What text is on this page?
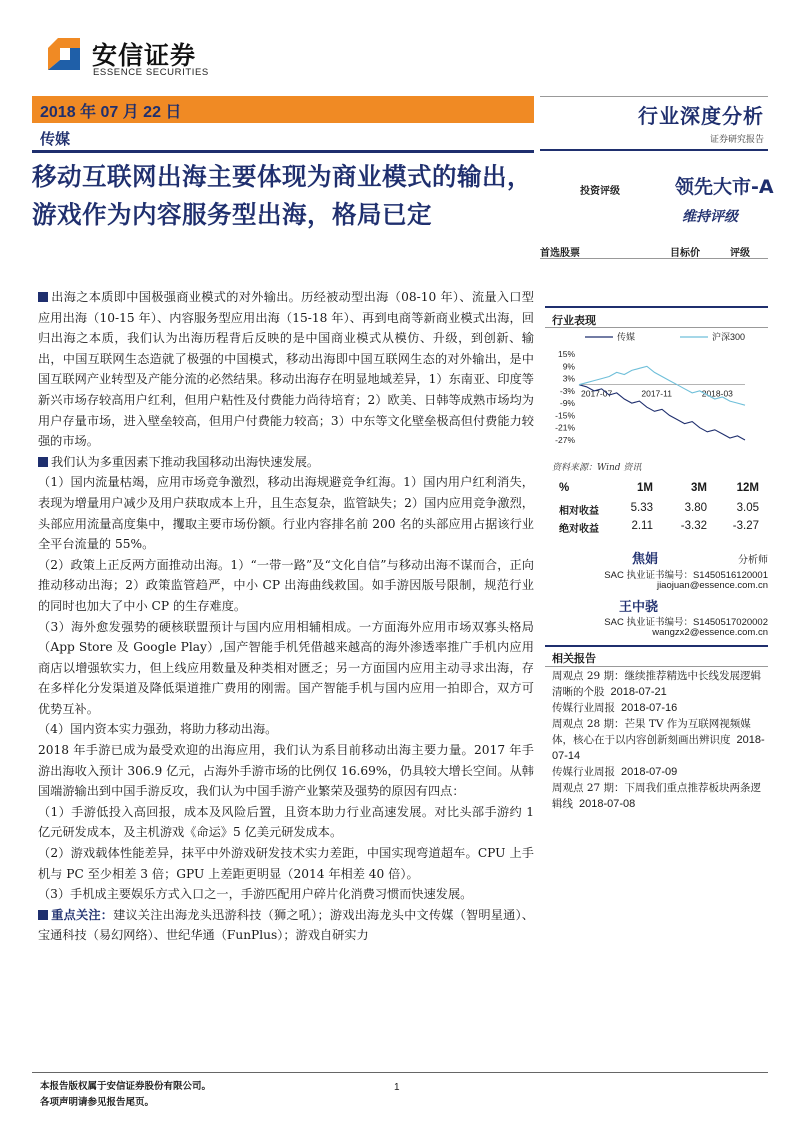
安信证券
ESSENCE SECURITIES
2018 年 07 月 22 日
传媒
行业深度分析
证券研究报告
移动互联网出海主要体现为商业模式的输出，游戏作为内容服务型出海，格局已定
投资评级	领先大市-A
维持评级
首选股票	目标价	评级
行业表现
传媒	沪深300
15%
9%
3%
-3%
-9%
-15%
-21%
-27%
2017-07	2017-11	2018-03
资料来源：Wind 资讯
%	1M	3M	12M
相对收益	5.33	3.80	3.05
绝对收益	2.11	-3.32	-3.27
焦娟	分析师
SAC 执业证书编号：S1450516120001
jiaojuan@essence.com.cn
王中骁
SAC 执业证书编号：S1450517020002
wangzx2@essence.com.cn
相关报告
周观点 29 期：继续推荐精选中长线发展逻辑清晰的个股 2018-07-21
传媒行业周报 2018-07-16
周观点 28 期：芒果 TV 作为互联网视频媒体，核心在于以内容创新刻画出辨识度 2018-07-14
传媒行业周报 2018-07-09
周观点 27 期：下周我们重点推荐板块两条逻辑线 2018-07-08

出海之本质即中国极强商业模式的对外输出。历经被动型出海（08-10 年）、流量入口型应用出海（10-15 年）、内容服务型应用出海（15-18 年）、再到电商等新商业模式出海，回归出海之本质，我们认为出海历程背后反映的是中国商业模式从模仿、升级，到创新、输出，中国互联网生态造就了极强的中国模式，移动出海即中国互联网生态的对外输出，是中国互联网产业转型及产能分流的必然结果。移动出海存在明显地域差异，1）东南亚、印度等新兴市场存较高用户红利，但用户粘性及付费能力尚待培育；2）欧美、日韩等成熟市场均为用户存量市场，进入壁垒较高，但用户付费能力较高；3）中东等文化壁垒极高但付费能力较强的市场。

我们认为多重因素下推动我国移动出海快速发展。

（1）国内流量枯竭，应用市场竞争激烈，移动出海规避竞争红海。1）国内用户红利消失，表现为增量用户减少及用户获取成本上升，且生态复杂，监管缺失；2）国内应用竞争激烈，头部应用流量高度集中，攫取主要市场份额。行业内容排名前 200 名的头部应用占据该行业全平台流量的 55%。

（2）政策上正反两方面推动出海。1）“一带一路”及“文化自信”与移动出海不谋而合，正向推动移动出海；2）政策监管趋严，中小 CP 出海曲线救国。如手游因版号限制，规范行业的同时也加大了中小 CP 的生存难度。

（3）海外愈发强势的硬核联盟预计与国内应用相辅相成。一方面海外应用市场双寡头格局（App Store 及 Google Play）,国产智能手机凭借越来越高的海外渗透率推广手机内应用商店以增强软实力，但上线应用数量及种类相对匮乏；另一方面国内应用主动寻求出海，存在多样化分发渠道及降低渠道推广费用的刚需。国产智能手机与国内应用一拍即合，双方可优势互补。

（4）国内资本实力强劲，将助力移动出海。

2018 年手游已成为最受欢迎的出海应用，我们认为系目前移动出海主要力量。2017 年手游出海收入预计 306.9 亿元，占海外手游市场的比例仅 16.69%，仍具较大增长空间。从韩国端游输出到中国手游反攻，我们认为中国手游产业繁荣及强势的原因有四点：

（1）手游低投入高回报，成本及风险后置，且资本助力行业高速发展。对比头部手游约 1 亿元研发成本，及主机游戏《命运》5 亿美元研发成本。

（2）游戏载体性能差异，抹平中外游戏研发技术实力差距，中国实现弯道超车。CPU 上手机与 PC 至少相差 3 倍；GPU 上差距更明显（2014 年相差 40 倍）。

（3）手机成主要娱乐方式入口之一，手游匹配用户碎片化消费习惯而快速发展。

重点关注：建议关注出海龙头迅游科技（狮之吼）；游戏出海龙头中文传媒（智明星通）、宝通科技（易幻网络）、世纪华通（FunPlus）；游戏自研实力

本报告版权属于安信证券股份有限公司。
各项声明请参见报告尾页。
1
